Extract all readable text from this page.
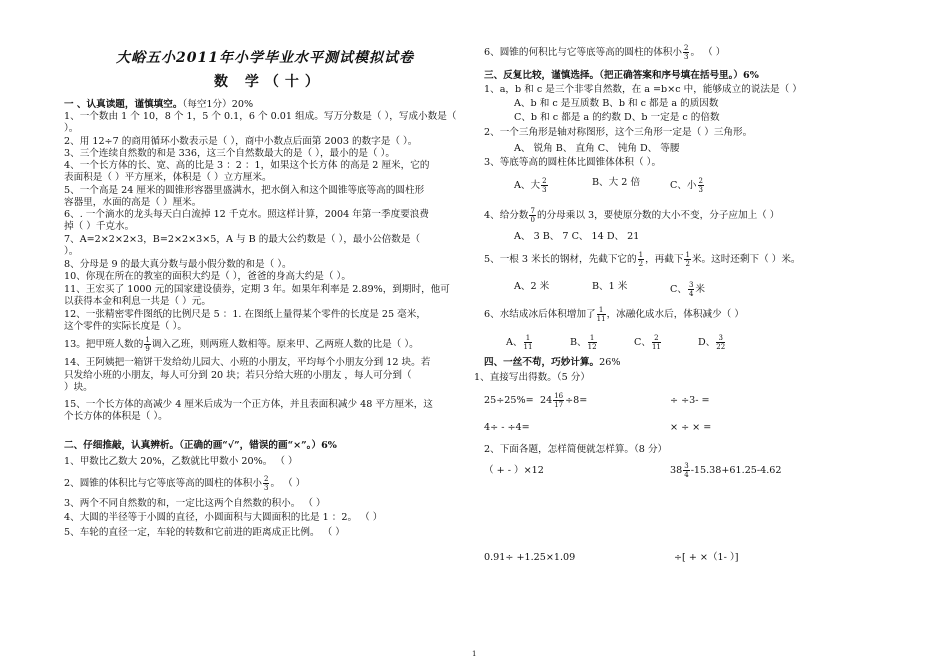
大峪五小2011年小学毕业水平测试模拟试卷
数 学（十）
一 、认真读题，谨慎填空。（每空1分）20%
1、一个数由 1 个 10，8 个 1，5 个 0.1，6 个 0.01 组成。写万分数是（ ），写成小数是（
）。
2、用 12÷7 的商用循环小数表示是（ ），商中小数点后面第 2003 的数字是（ ）。
3、三个连续自然数的和是 336，这三个自然数最大的是（ ），最小的是（ ）。
4、一个长方体的长、宽、高的比是 3 ：2 ：1，如果这个长方体 的高是 2 厘米，它的
表面积是（ ）平方厘米，体积是（ ）立方厘米。
5、一个高是 24 厘米的圆锥形容器里盛满水，把水倒入和这个圆锥等底等高的圆柱形
容器里，水面的高是（ ）厘米。
6、. 一个滴水的龙头每天白白流掉 12 千克水。照这样计算，2004 年第一季度要浪费
掉（ ）千克水。
7、A=2×2×2×3，B=2×2×3×5，A 与 B 的最大公约数是（ ），最小公倍数是（
）。
8、分母是 9 的最大真分数与最小假分数的和是（ ）。
10、你现在所在的教室的面积大约是（ ），爸爸的身高大约是（ ）。
11、王宏买了 1000 元的国家建设债券，定期 3 年。如果年利率是 2.89%，到期时，他可
以获得本金和利息一共是（ ）元。
12、一张精密零件图纸的比例尺是 5 ：1. 在图纸上量得某个零件的长度是 25 毫米，
这个零件的实际长度是（ ）。
13。把甲班人数的 $\frac{1}{9}$ 调入乙班，则两班人数相等。原来甲、乙两班人数的比是（ ）。
14、王阿姨把一箱饼干发给幼儿园大、小班的小朋友，平均每个小朋友分到 12 块。若
只发给小班的小朋友，每人可分到 20 块；若只分给大班的小朋友 ，每人可分到（
）块。
15、一个长方体的高减少 4 厘米后成为一个正方体，并且表面积减少 48 平方厘米，这
个长方体的体积是（ ）。
二、仔细推敲，认真辨析。（正确的画“√”，错误的画“×”。）6%
1、甲数比乙数大 20%，乙数就比甲数小 20%。 （ ）
2、圆锥的体积比与它等底等高的圆柱的体积小 $\frac{2}{3}$ 。 （ ）
3、两个不同自然数的和，一定比这两个自然数的积小。 （ ）
4、大圆的半径等于小圆的直径，小圆面积与大圆面积的比是 1 ：2。 （ ）
5、车轮的直径一定，车轮的转数和它前进的距离成正比例。 （ ）
6、圆锥的何积比与它等底等高的圆柱的体积小 $\frac{2}{3}$ 。 （ ）
三、反复比较，谨慎选择。（把正确答案和序号填在括号里。）6%
1、a，b 和 c 是三个非零自然数，在 a =b×c 中，能够成立的说法是（ ）
A、b 和 c 是互质数 B、b 和 c 都是 a 的质因数
C、b 和 c 都是 a 的约数 D、b 一定是 c 的倍数
2、一个三角形是轴对称图形，这个三角形一定是（ ）三角形。
A、 锐角 B、 直角 C、 钝角 D、 等腰
3、等底等高的圆柱体比圆锥体体积（ ）。
A、大 $\frac{2}{3}$	B、大 2 倍	C、小 $\frac{2}{3}$
4、给分数 $\frac{7}{0}$ 的分母乘以 3，要使原分数的大小不变，分子应加上（ ）
A、 3 B、 7 C、 14 D、 21
5、一根 3 米长的钢材，先截下它的 $\frac{1}{2}$ ，再截下 $\frac{1}{2}$ 米。这时还剩下（ ）米。
A、2 米	B、1 米	C、 $\frac{3}{4}$ 米
6、水结成冰后体积增加了 $\frac{1}{11}$ ，冰融化成水后，体积减少（ ）
A、 $\frac{1}{11}$	B、 $\frac{1}{12}$	C、 $\frac{2}{11}$	D、 $\frac{3}{22}$
四、一丝不苟，巧妙计算。26%
1、直接写出得数。（5 分）
$25\div 25\%= 24 \frac{16}{17} \div 8=$	÷ ÷3- =
4÷ - ÷4=	× ÷ × =
2、下面各题，怎样简便就怎样算。（8 分）
（ + - ）×12	$38 \frac{3}{4} -15.38+61.25-4.62$
0.91÷ +1.25×1.09	÷[ + ×（1- ）]
1
